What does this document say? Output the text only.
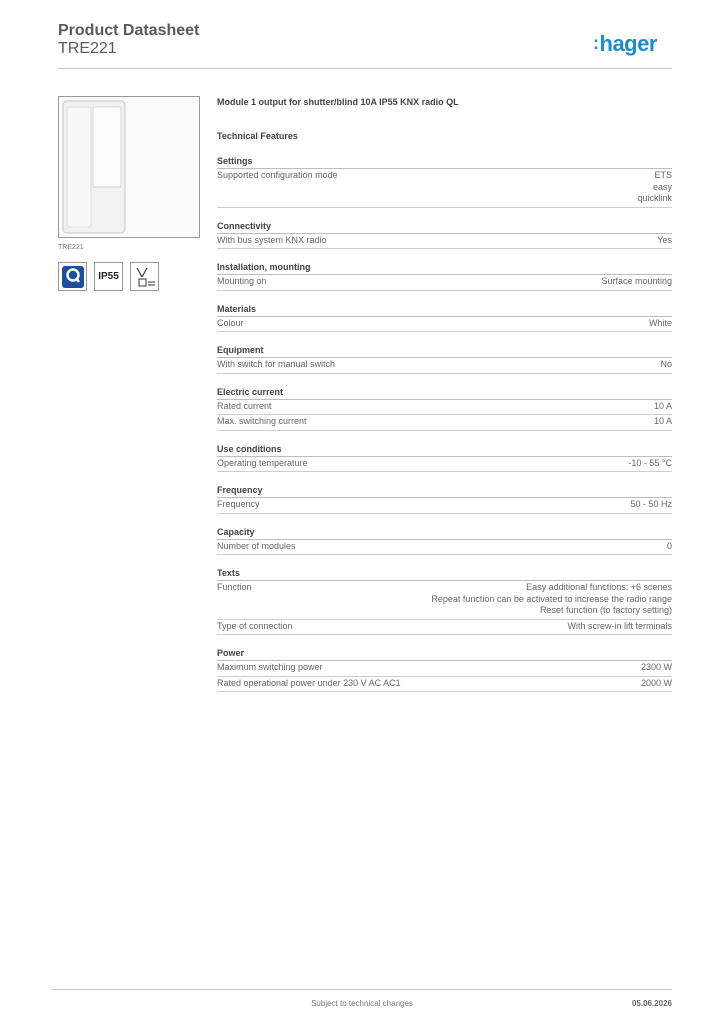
Product Datasheet
TRE221	:hager
TRE221
IP55
Module 1 output for shutter/blind 10A IP55 KNX radio QL
Technical Features
Settings
Supported configuration mode	ETS
easy
quicklink
Connectivity
With bus system KNX radio	Yes
Installation, mounting
Mounting on	Surface mounting
Materials
Colour	White
Equipment
With switch for manual switch	No
Electric current
Rated current	10 A
Max. switching current	10 A
Use conditions
Operating temperature	-10 - 55 °C
Frequency
Frequency	50 - 50 Hz
Capacity
Number of modules	0
Texts
Function	Easy additional functions: +6 scenes
Repeat function can be activated to increase the radio range
Reset function (to factory setting)
Type of connection	With screw-in lift terminals
Power
Maximum switching power	2300 W
Rated operational power under 230 V AC AC1	2000 W
Subject to technical changes	05.06.2026
